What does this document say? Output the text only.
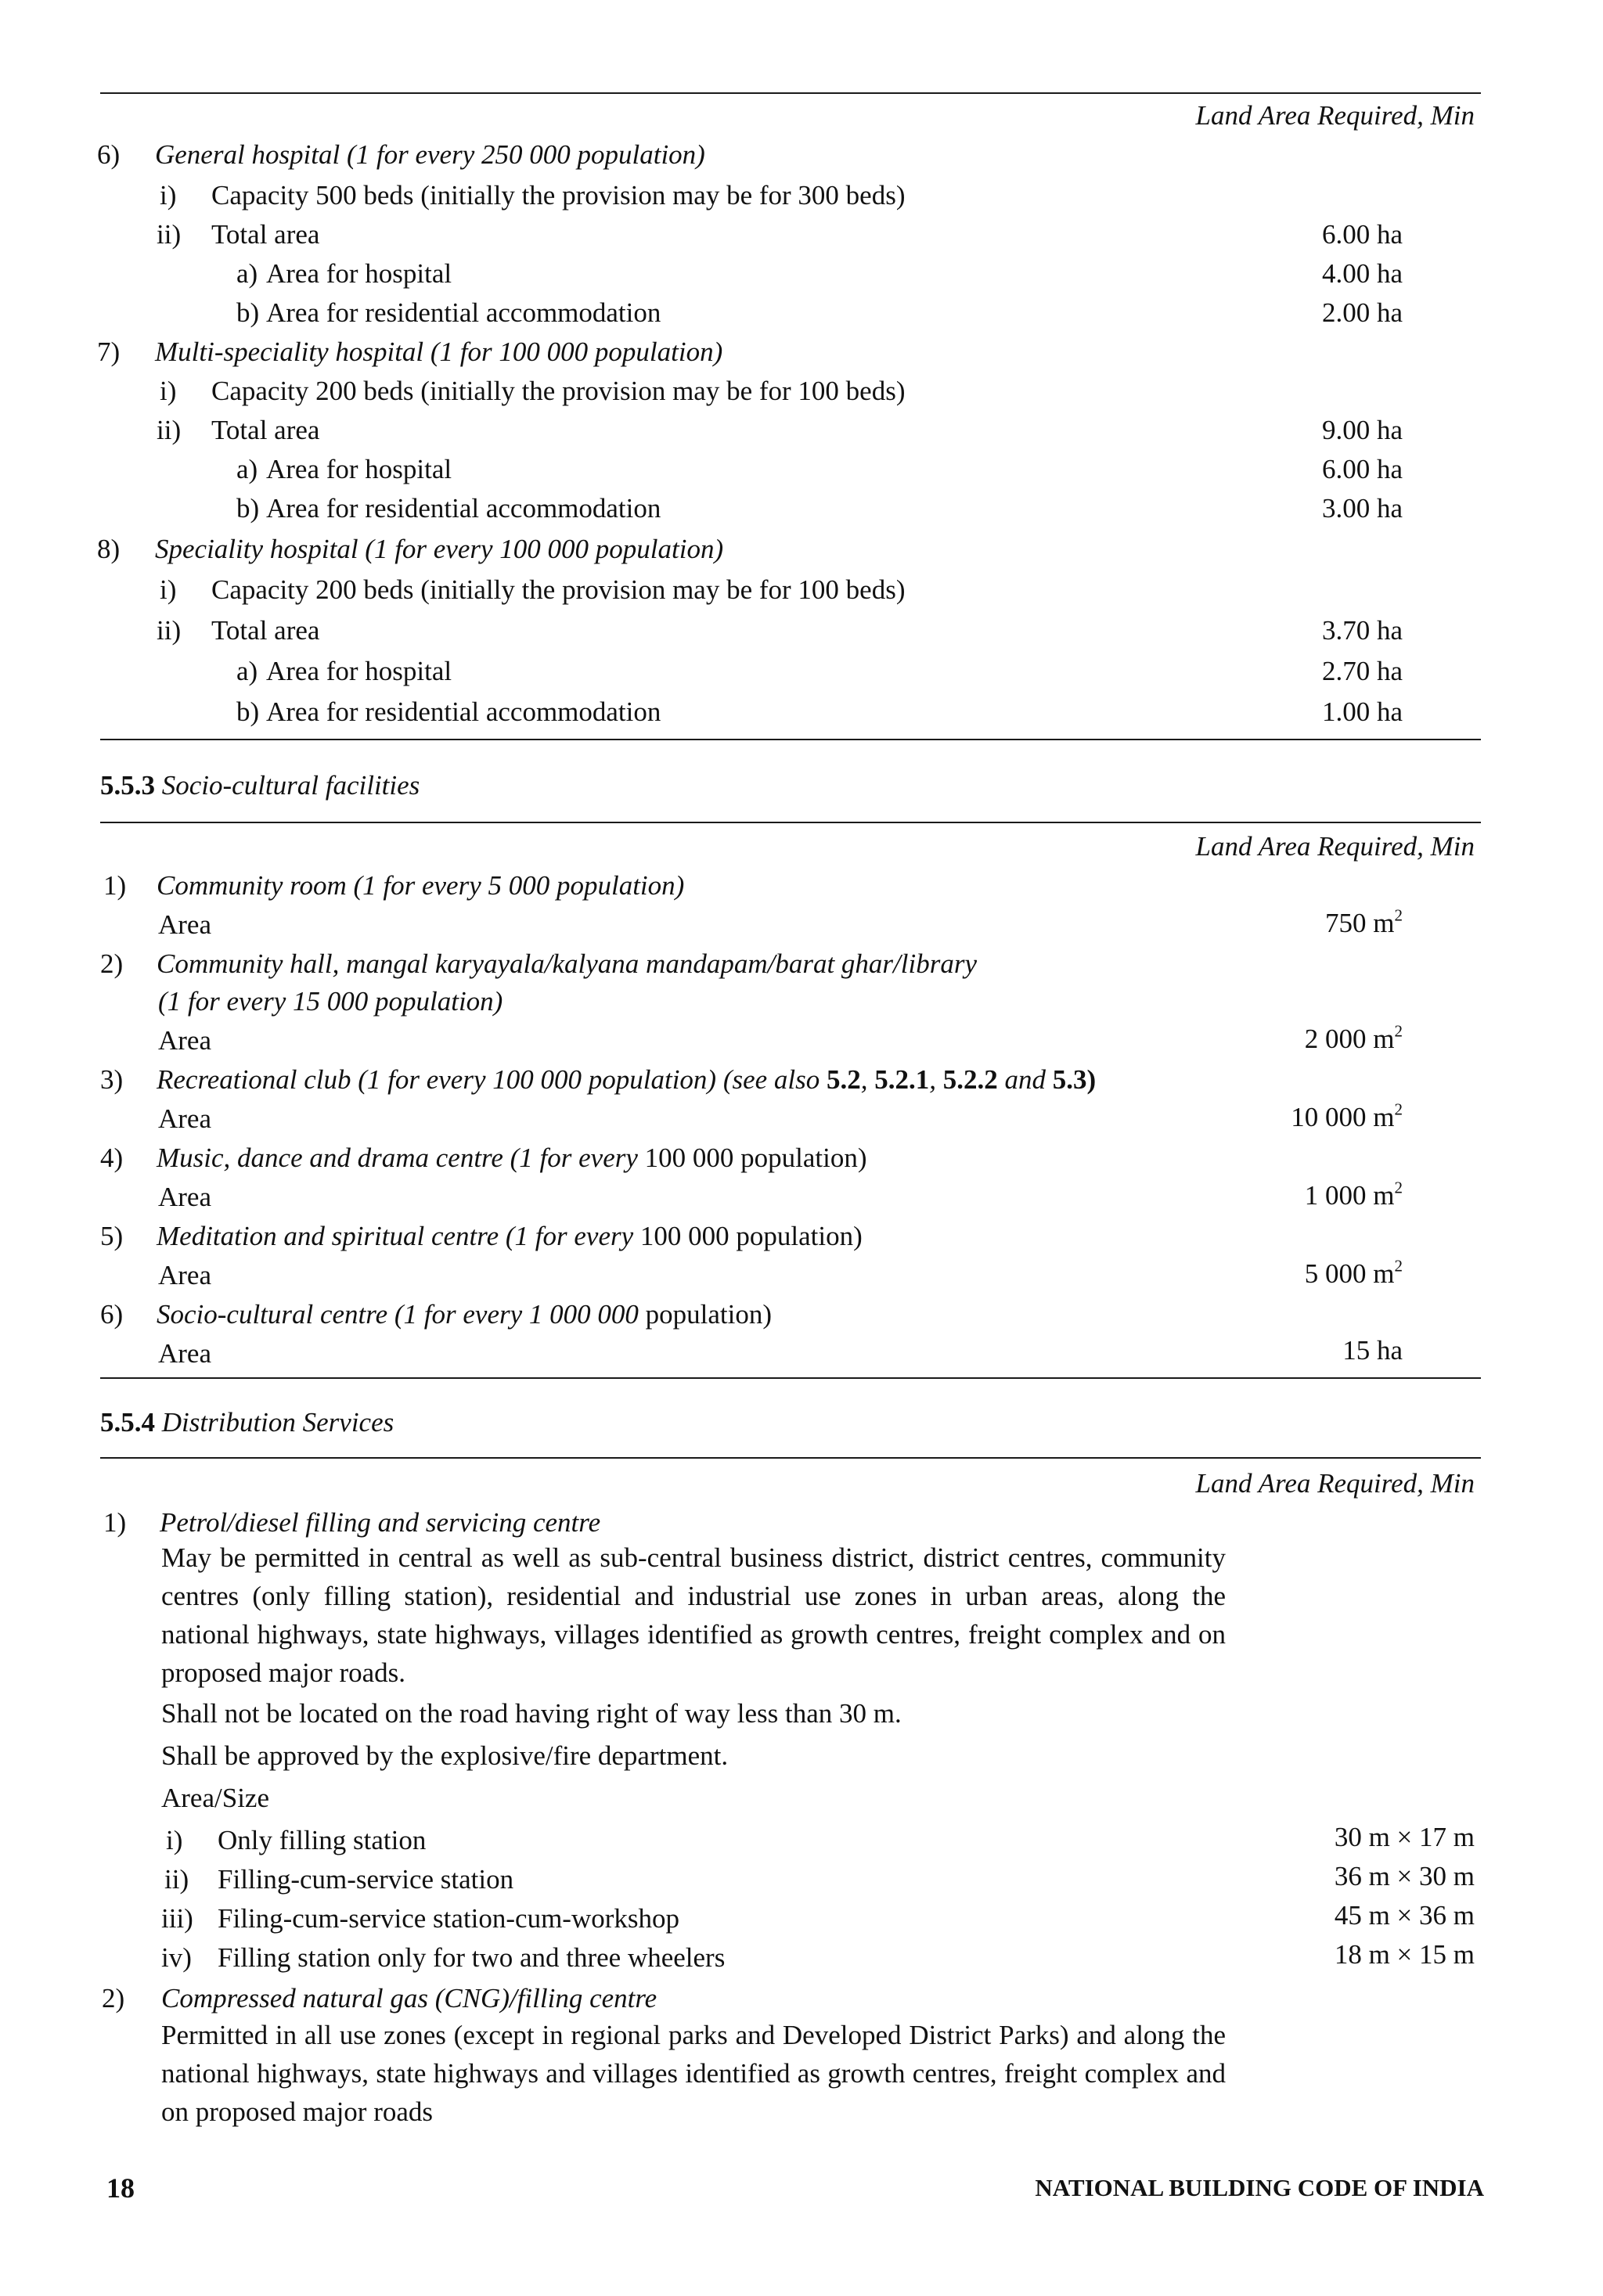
Land Area Required, Min
6) General hospital (1 for every 250 000 population)
i) Capacity 500 beds (initially the provision may be for 300 beds)
ii) Total area	6.00 ha
a) Area for hospital	4.00 ha
b) Area for residential accommodation	2.00 ha
7) Multi-speciality hospital (1 for 100 000 population)
i) Capacity 200 beds (initially the provision may be for 100 beds)
ii) Total area	9.00 ha
a) Area for hospital	6.00 ha
b) Area for residential accommodation	3.00 ha
8) Speciality hospital (1 for every 100 000 population)
i) Capacity 200 beds (initially the provision may be for 100 beds)
ii) Total area	3.70 ha
a) Area for hospital	2.70 ha
b) Area for residential accommodation	1.00 ha
5.5.3 Socio-cultural facilities
Land Area Required, Min
1) Community room (1 for every 5 000 population)
Area	750 $m^2$
2) Community hall, mangal karyayala/kalyana mandapam/barat ghar/library
(1 for every 15 000 population)
Area	2 000 $m^2$
3) Recreational club (1 for every 100 000 population) (see also 5.2, 5.2.1, 5.2.2 and 5.3)
Area	10 000 $m^2$
4) Music, dance and drama centre (1 for every 100 000 population)
Area	1 000 $m^2$
5) Meditation and spiritual centre (1 for every 100 000 population)
Area	5 000 $m^2$
6) Socio-cultural centre (1 for every 1 000 000 population)
Area	15 ha
5.5.4 Distribution Services
Land Area Required, Min
1) Petrol/diesel filling and servicing centre
May be permitted in central as well as sub-central business district, district centres, community centres (only filling station), residential and industrial use zones in urban areas, along the national highways, state highways, villages identified as growth centres, freight complex and on proposed major roads.
Shall not be located on the road having right of way less than 30 m.
Shall be approved by the explosive/fire department.
Area/Size
i) Only filling station	30 m × 17 m
ii) Filling-cum-service station	36 m × 30 m
iii) Filing-cum-service station-cum-workshop	45 m × 36 m
iv) Filling station only for two and three wheelers	18 m × 15 m
2) Compressed natural gas (CNG)/filling centre
Permitted in all use zones (except in regional parks and Developed District Parks) and along the national highways, state highways and villages identified as growth centres, freight complex and on proposed major roads
18	NATIONAL BUILDING CODE OF INDIA
